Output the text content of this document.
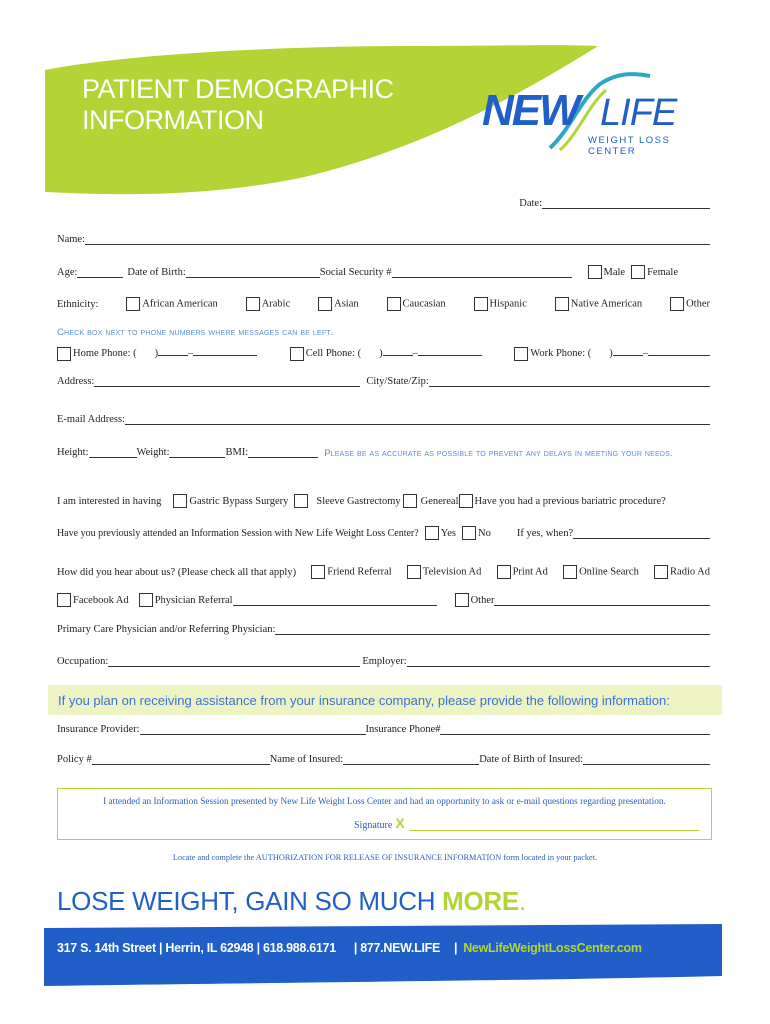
PATIENT DEMOGRAPHIC
INFORMATION	NEW LIFE
WEIGHT LOSS CENTER
Date:
Name:
Age:	Date of Birth:	Social Security #	Male Female
Ethnicity:	African American	Arabic	Asian	Caucasian	Hispanic	Native American	Other
Check box next to phone numbers where messages can be left.
Home Phone: ( )	–	Cell Phone: ( )	–	Work Phone: ( )	–
Address:	City/State/Zip:
E-mail Address:
Height:	Weight:	BMI:	Please be as accurate as possible to prevent any delays in meeting your needs.
I am interested in having	Gastric Bypass Surgery	Sleeve Gastrectomy Genereal Have you had a previous bariatric procedure?
Have you previously attended an Information Session with New Life Weight Loss Center? Yes No If yes, when?
How did you hear about us? (Please check all that apply)	Friend Referral	Television Ad	Print Ad	Online Search	Radio Ad
Facebook Ad Physician Referral	Other
Primary Care Physician and/or Referring Physician:
Occupation:	Employer:
If you plan on receiving assistance from your insurance company, please provide the following information:
Insurance Provider:	Insurance Phone#
Policy #	Name of Insured:	Date of Birth of Insured:
I attended an Information Session presented by New Life Weight Loss Center and had an opportunity to ask or e-mail questions regarding presentation.
Signature X
Locate and complete the AUTHORIZATION FOR RELEASE OF INSURANCE INFORMATION form located in your packet.
LOSE WEIGHT, GAIN SO MUCH MORE.
317 S. 14th Street | Herrin, IL 62948 | 618.988.6171 | 877.NEW.LIFE | NewLifeWeightLossCenter.com
